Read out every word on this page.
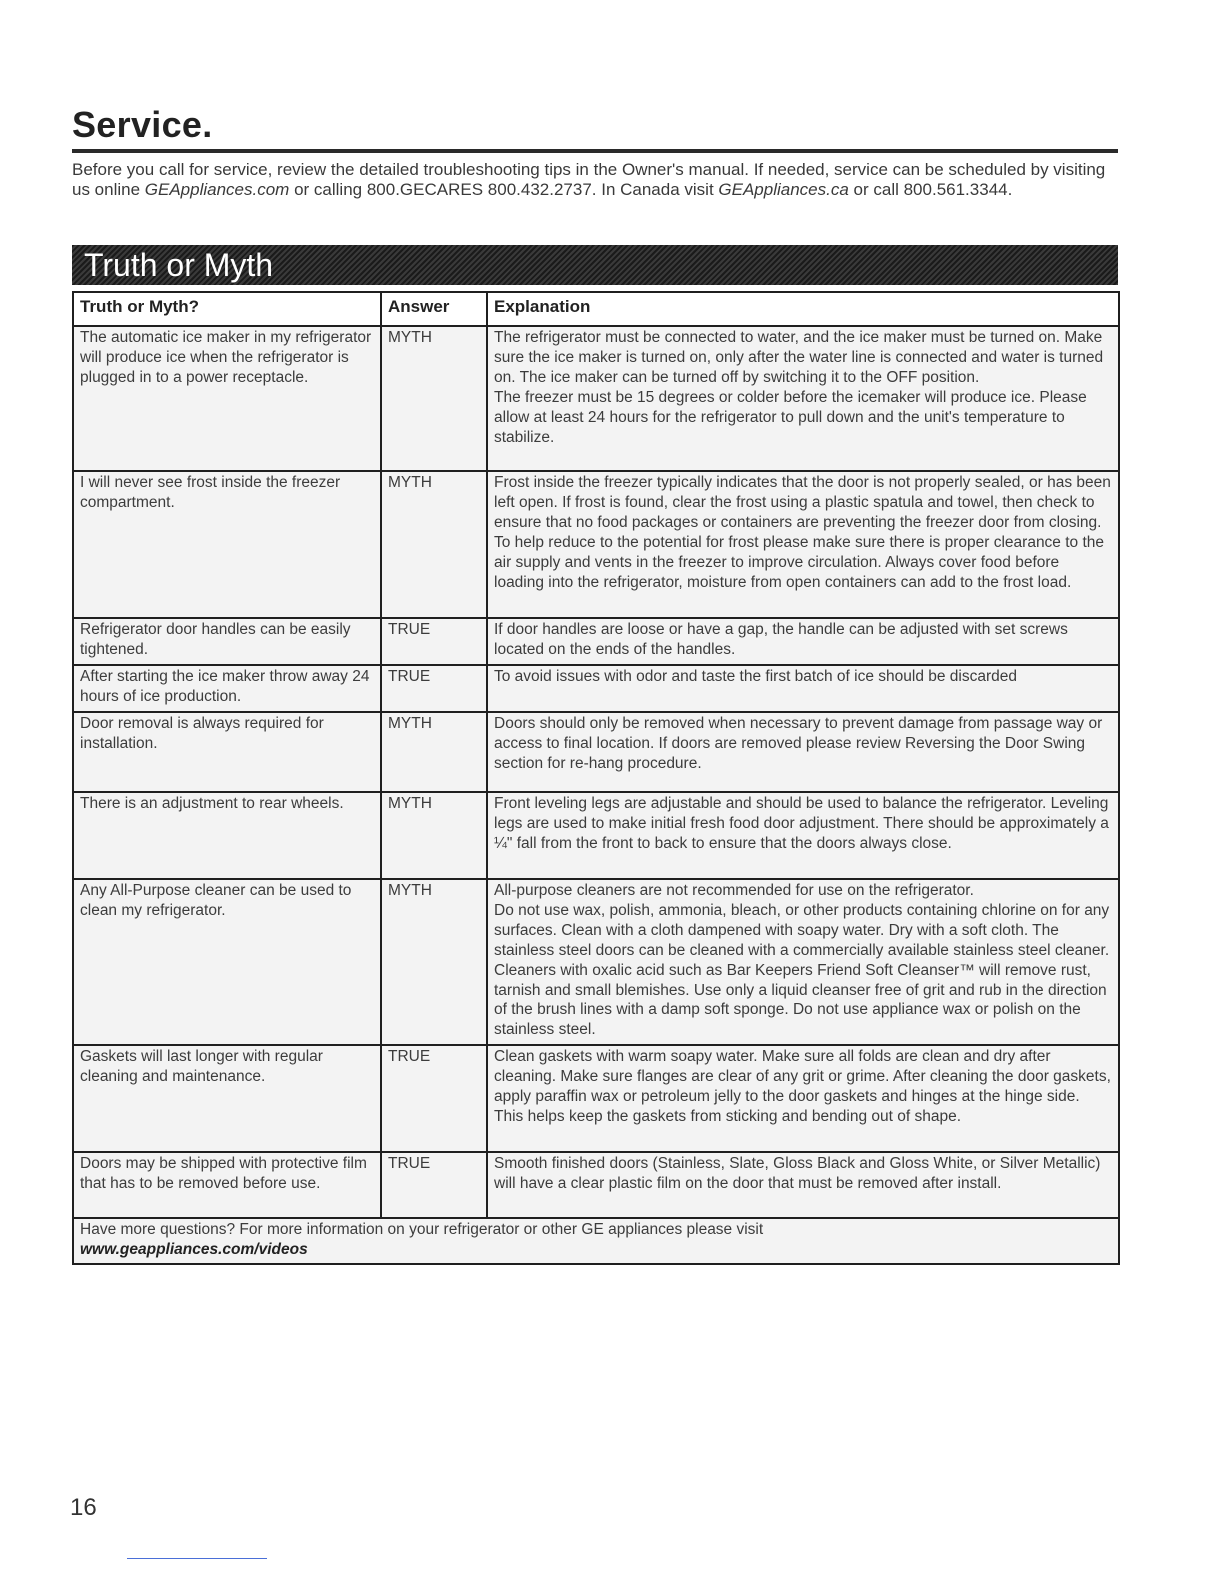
Service.

Before you call for service, review the detailed troubleshooting tips in the Owner's manual. If needed, service can be scheduled by visiting us online GEAppliances.com or calling 800.GECARES 800.432.2737. In Canada visit GEAppliances.ca or call 800.561.3344.

Truth or Myth
Truth or Myth?	Answer	Explanation
The automatic ice maker in my refrigerator will produce ice when the refrigerator is plugged in to a power receptacle.	MYTH	The refrigerator must be connected to water, and the ice maker must be turned on. Make sure the ice maker is turned on, only after the water line is connected and water is turned on. The ice maker can be turned off by switching it to the OFF position.
The freezer must be 15 degrees or colder before the icemaker will produce ice. Please allow at least 24 hours for the refrigerator to pull down and the unit's temperature to stabilize.

I will never see frost inside the freezer compartment.	MYTH	Frost inside the freezer typically indicates that the door is not properly sealed, or has been left open. If frost is found, clear the frost using a plastic spatula and towel, then check to ensure that no food packages or containers are preventing the freezer door from closing. To help reduce to the potential for frost please make sure there is proper clearance to the air supply and vents in the freezer to improve circulation. Always cover food before loading into the refrigerator, moisture from open containers can add to the frost load.

Refrigerator door handles can be easily tightened.	TRUE	If door handles are loose or have a gap, the handle can be adjusted with set screws located on the ends of the handles.

After starting the ice maker throw away 24 hours of ice production.	TRUE	To avoid issues with odor and taste the first batch of ice should be discarded

Door removal is always required for installation.	MYTH	Doors should only be removed when necessary to prevent damage from passage way or access to final location. If doors are removed please review Reversing the Door Swing section for re-hang procedure.

There is an adjustment to rear wheels.	MYTH	Front leveling legs are adjustable and should be used to balance the refrigerator. Leveling legs are used to make initial fresh food door adjustment. There should be approximately a ¼" fall from the front to back to ensure that the doors always close.

Any All-Purpose cleaner can be used to clean my refrigerator.	MYTH	All-purpose cleaners are not recommended for use on the refrigerator.
Do not use wax, polish, ammonia, bleach, or other products containing chlorine on for any surfaces. Clean with a cloth dampened with soapy water. Dry with a soft cloth. The stainless steel doors can be cleaned with a commercially available stainless steel cleaner. Cleaners with oxalic acid such as Bar Keepers Friend Soft Cleanser™ will remove rust, tarnish and small blemishes. Use only a liquid cleanser free of grit and rub in the direction of the brush lines with a damp soft sponge. Do not use appliance wax or polish on the stainless steel.

Gaskets will last longer with regular cleaning and maintenance.	TRUE	Clean gaskets with warm soapy water. Make sure all folds are clean and dry after cleaning. Make sure flanges are clear of any grit or grime. After cleaning the door gaskets, apply paraffin wax or petroleum jelly to the door gaskets and hinges at the hinge side. This helps keep the gaskets from sticking and bending out of shape.

Doors may be shipped with protective film that has to be removed before use.	TRUE	Smooth finished doors (Stainless, Slate, Gloss Black and Gloss White, or Silver Metallic) will have a clear plastic film on the door that must be removed after install.

Have more questions? For more information on your refrigerator or other GE appliances please visit
www.geappliances.com/videos		
16
